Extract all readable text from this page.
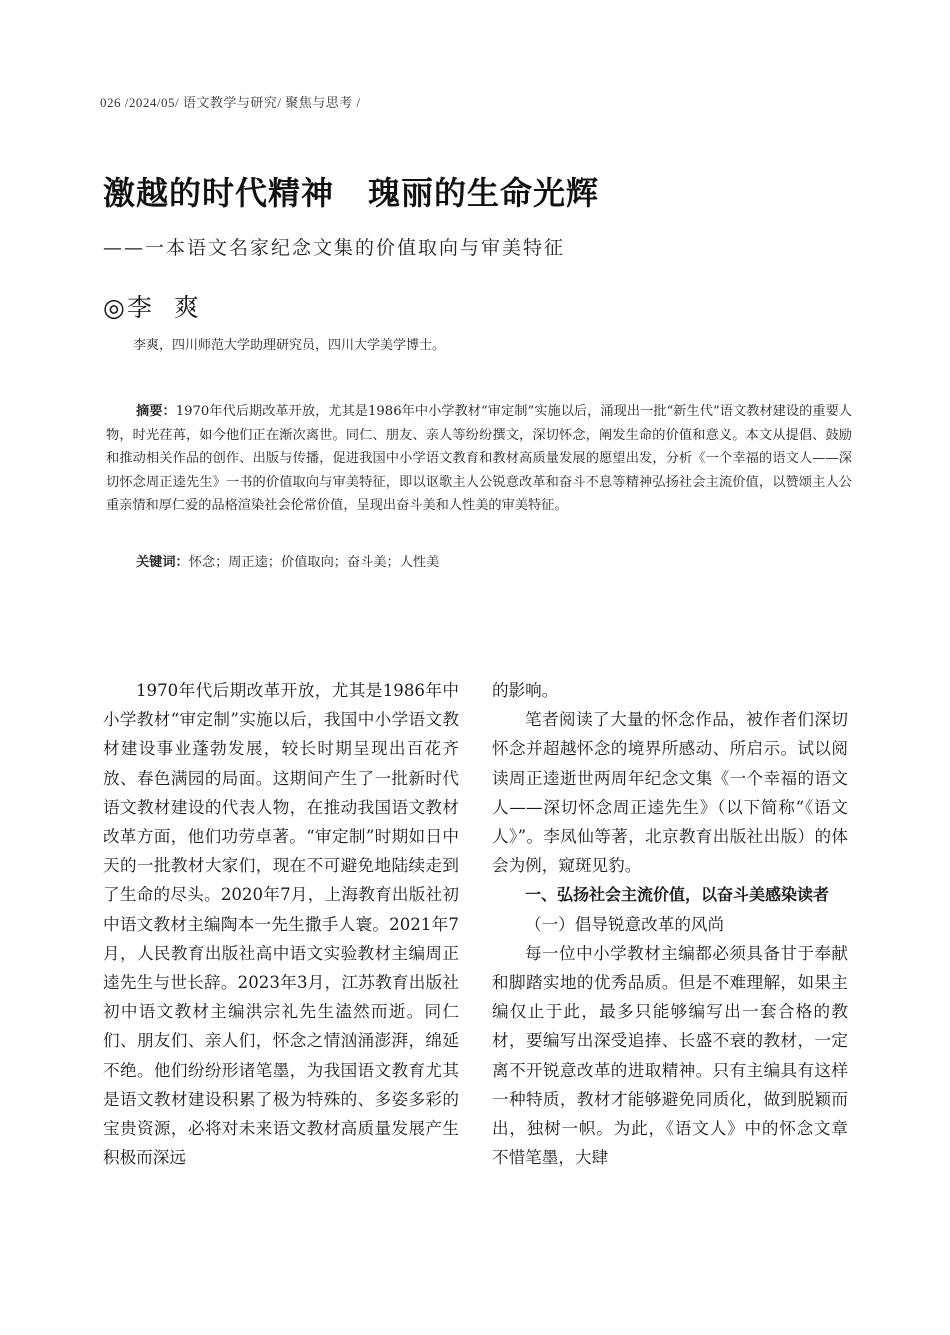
026 /2024/05/ 语文教学与研究/ 聚焦与思考 /
激越的时代精神 瑰丽的生命光辉
——一本语文名家纪念文集的价值取向与审美特征
◎李 爽
李爽，四川师范大学助理研究员，四川大学美学博士。
摘要：1970年代后期改革开放，尤其是1986年中小学教材“审定制”实施以后，涌现出一批“新生代”语文教材建设的重要人物，时光荏苒，如今他们正在渐次离世。同仁、朋友、亲人等纷纷撰文，深切怀念，阐发生命的价值和意义。本文从提倡、鼓励和推动相关作品的创作、出版与传播，促进我国中小学语文教育和教材高质量发展的愿望出发，分析《一个幸福的语文人——深切怀念周正逵先生》一书的价值取向与审美特征，即以讴歌主人公锐意改革和奋斗不息等精神弘扬社会主流价值，以赞颂主人公重亲情和厚仁爱的品格渲染社会伦常价值，呈现出奋斗美和人性美的审美特征。
关键词：怀念；周正逵；价值取向；奋斗美；人性美

1970年代后期改革开放，尤其是1986年中小学教材“审定制”实施以后，我国中小学语文教材建设事业蓬勃发展，较长时期呈现出百花齐放、春色满园的局面。这期间产生了一批新时代语文教材建设的代表人物，在推动我国语文教材改革方面，他们功劳卓著。“审定制”时期如日中天的一批教材大家们，现在不可避免地陆续走到了生命的尽头。2020年7月，上海教育出版社初中语文教材主编陶本一先生撒手人寰。2021年7月，人民教育出版社高中语文实验教材主编周正逵先生与世长辞。2023年3月，江苏教育出版社初中语文教材主编洪宗礼先生溘然而逝。同仁们、朋友们、亲人们，怀念之情汹涌澎湃，绵延不绝。他们纷纷形诸笔墨，为我国语文教育尤其是语文教材建设积累了极为特殊的、多姿多彩的宝贵资源，必将对未来语文教材高质量发展产生积极而深远

的影响。

笔者阅读了大量的怀念作品，被作者们深切怀念并超越怀念的境界所感动、所启示。试以阅读周正逵逝世两周年纪念文集《一个幸福的语文人——深切怀念周正逵先生》（以下简称“《语文人》”。李凤仙等著，北京教育出版社出版）的体会为例，窥斑见豹。

一、弘扬社会主流价值，以奋斗美感染读者

（一）倡导锐意改革的风尚

每一位中小学教材主编都必须具备甘于奉献和脚踏实地的优秀品质。但是不难理解，如果主编仅止于此，最多只能够编写出一套合格的教材，要编写出深受追捧、长盛不衰的教材，一定离不开锐意改革的进取精神。只有主编具有这样一种特质，教材才能够避免同质化，做到脱颖而出，独树一帜。为此，《语文人》中的怀念文章不惜笔墨，大肆
